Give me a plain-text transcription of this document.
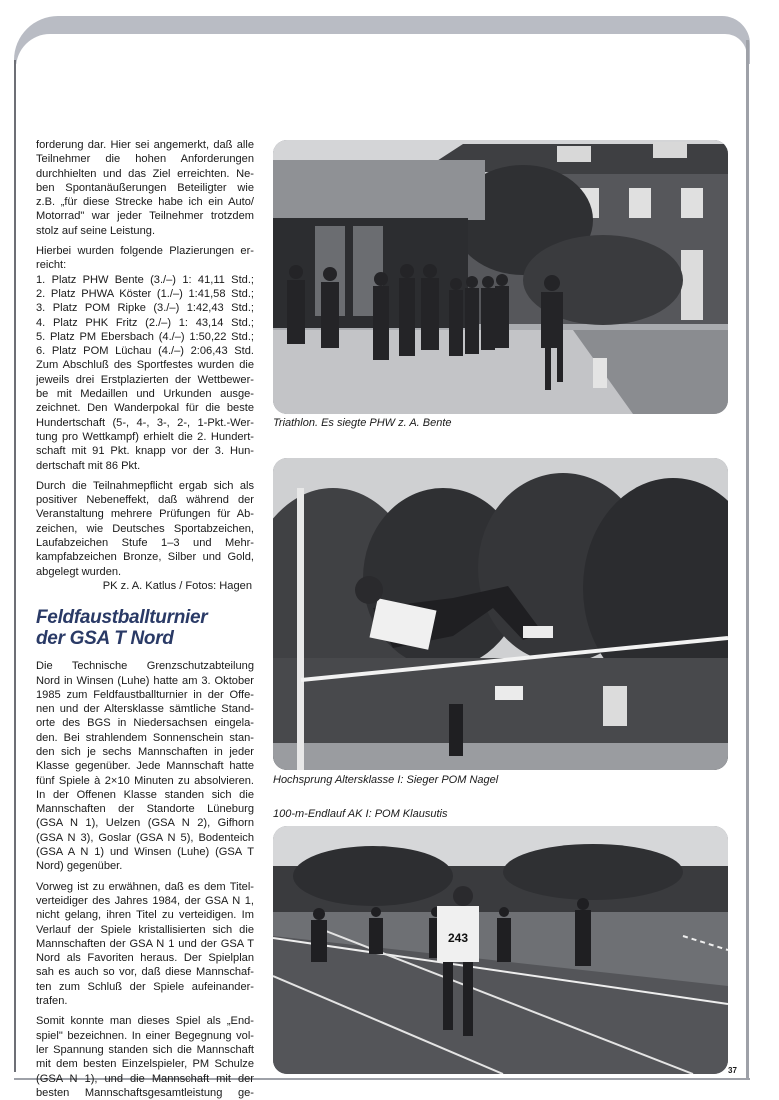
forderung dar. Hier sei angemerkt, daß alle
Teilnehmer die hohen Anforderungen
durchhielten und das Ziel erreichten. Ne-
ben Spontanäußerungen Beteiligter wie
z.B. „für diese Strecke habe ich ein Auto/
Motorrad" war jeder Teilnehmer trotzdem
stolz auf seine Leistung.
Hierbei wurden folgende Plazierungen er-
reicht:
1. Platz PHW Bente (3./–) 1: 41,11 Std.;
2. Platz PHWA Köster (1./–) 1:41,58 Std.;
3. Platz POM Ripke (3./–) 1:42,43 Std.;
4. Platz PHK Fritz (2./–) 1: 43,14 Std.;
5. Platz PM Ebersbach (4./–) 1:50,22 Std.;
6. Platz POM Lüchau (4./–) 2:06,43 Std.
Zum Abschluß des Sportfestes wurden die
jeweils drei Erstplazierten der Wettbewer-
be mit Medaillen und Urkunden ausge-
zeichnet. Den Wanderpokal für die beste
Hundertschaft (5-, 4-, 3-, 2-, 1-Pkt.-Wer-
tung pro Wettkampf) erhielt die 2. Hundert-
schaft mit 91 Pkt. knapp vor der 3. Hun-
dertschaft mit 86 Pkt.
Durch die Teilnahmepflicht ergab sich als
positiver Nebeneffekt, daß während der
Veranstaltung mehrere Prüfungen für Ab-
zeichen, wie Deutsches Sportabzeichen,
Laufabzeichen Stufe 1–3 und Mehr-
kampfabzeichen Bronze, Silber und Gold,
abgelegt wurden.
PK z. A. Katlus / Fotos: Hagen
Feldfaustballturnier
der GSA T Nord
Die Technische Grenzschutzabteilung
Nord in Winsen (Luhe) hatte am 3. Oktober
1985 zum Feldfaustballturnier in der Offe-
nen und der Altersklasse sämtliche Stand-
orte des BGS in Niedersachsen eingela-
den. Bei strahlendem Sonnenschein stan-
den sich je sechs Mannschaften in jeder
Klasse gegenüber. Jede Mannschaft hatte
fünf Spiele à 2×10 Minuten zu absolvieren.
In der Offenen Klasse standen sich die
Mannschaften der Standorte Lüneburg
(GSA N 1), Uelzen (GSA N 2), Gifhorn
(GSA N 3), Goslar (GSA N 5), Bodenteich
(GSA A N 1) und Winsen (Luhe) (GSA T
Nord) gegenüber.
Vorweg ist zu erwähnen, daß es dem Titel-
verteidiger des Jahres 1984, der GSA N 1,
nicht gelang, ihren Titel zu verteidigen. Im
Verlauf der Spiele kristallisierten sich die
Mannschaften der GSA N 1 und der GSA T
Nord als Favoriten heraus. Der Spielplan
sah es auch so vor, daß diese Mannschaf-
ten zum Schluß der Spiele aufeinander-
trafen.
Somit konnte man dieses Spiel als „End-
spiel" bezeichnen. In einer Begegnung vol-
ler Spannung standen sich die Mannschaft
mit dem besten Einzelspieler, PM Schulze
(GSA N 1), und die Mannschaft mit der
besten Mannschaftsgesamtleistung ge-
Triathlon. Es siegte PHW z. A. Bente
Hochsprung Altersklasse I: Sieger POM Nagel
100-m-Endlauf AK I: POM Klausutis
243
37
